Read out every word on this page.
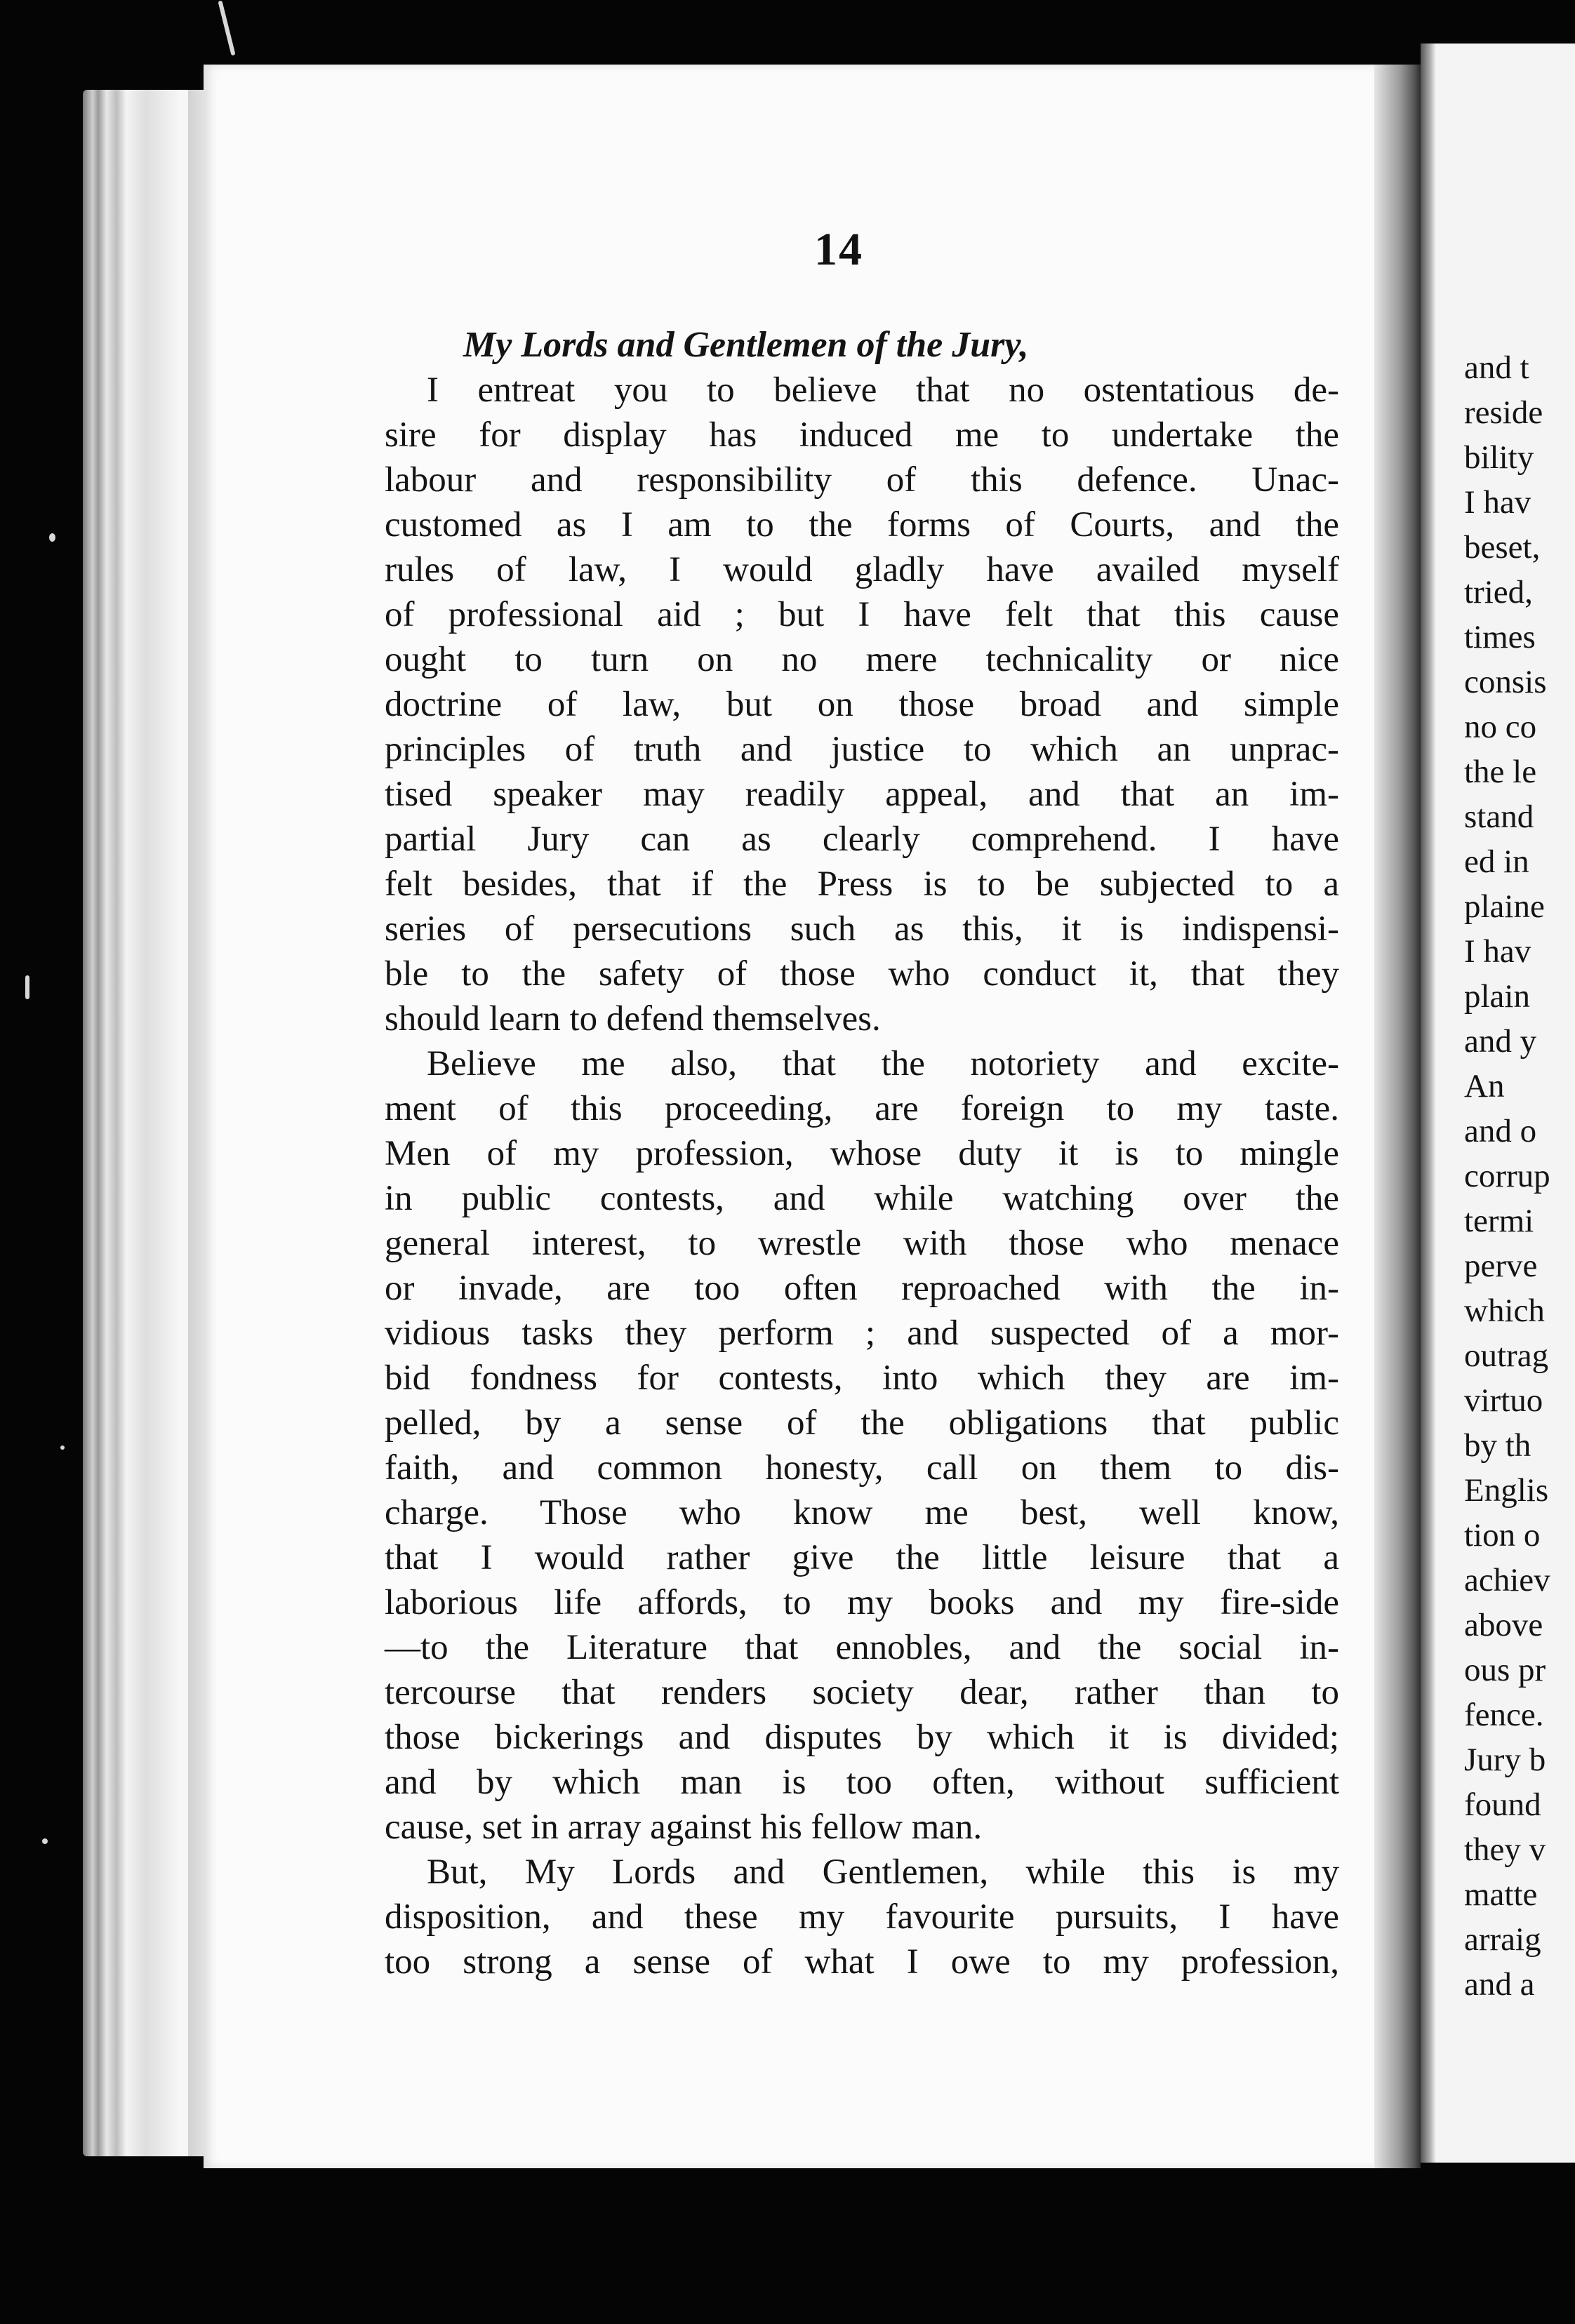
14
My Lords and Gentlemen of the Jury,
I entreat you to believe that no ostentatious de-
sire for display has induced me to undertake the
labour and responsibility of this defence. Unac-
customed as I am to the forms of Courts, and the
rules of law, I would gladly have availed myself
of professional aid ; but I have felt that this cause
ought to turn on no mere technicality or nice
doctrine of law, but on those broad and simple
principles of truth and justice to which an unprac-
tised speaker may readily appeal, and that an im-
partial Jury can as clearly comprehend. I have
felt besides, that if the Press is to be subjected to a
series of persecutions such as this, it is indispensi-
ble to the safety of those who conduct it, that they
should learn to defend themselves.
Believe me also, that the notoriety and excite-
ment of this proceeding, are foreign to my taste.
Men of my profession, whose duty it is to mingle
in public contests, and while watching over the
general interest, to wrestle with those who menace
or invade, are too often reproached with the in-
vidious tasks they perform ; and suspected of a mor-
bid fondness for contests, into which they are im-
pelled, by a sense of the obligations that public
faith, and common honesty, call on them to dis-
charge. Those who know me best, well know,
that I would rather give the little leisure that a
laborious life affords, to my books and my fire-side
—to the Literature that ennobles, and the social in-
tercourse that renders society dear, rather than to
those bickerings and disputes by which it is divided;
and by which man is too often, without sufficient
cause, set in array against his fellow man.
But, My Lords and Gentlemen, while this is my
disposition, and these my favourite pursuits, I have
too strong a sense of what I owe to my profession,
and t
reside
bility
I hav
beset,
tried,
times
consis
no co
the le
stand
ed in
plaine
I hav
plain
and y
An
and o
corrup
termi
perve
which
outrag
virtuo
by th
Englis
tion o
achiev
above
ous pr
fence.
Jury b
found
they v
matte
arraig
and a
